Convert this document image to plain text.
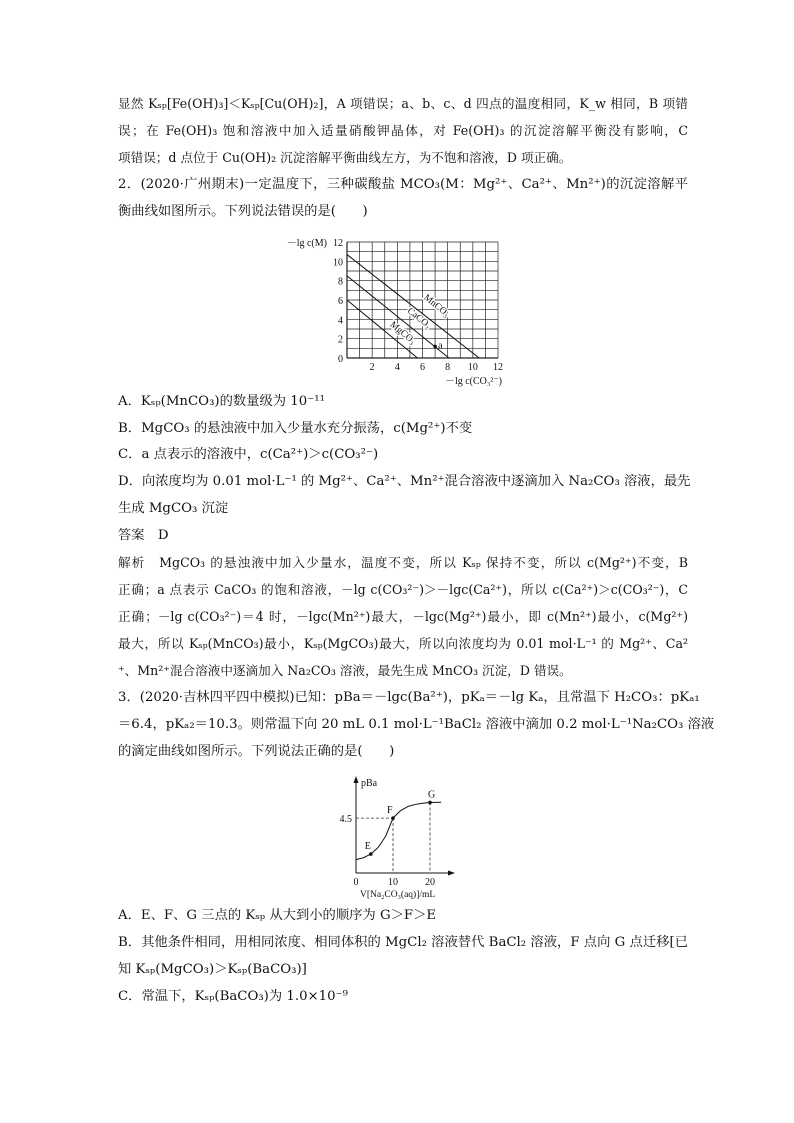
显然 Kₛₚ[Fe(OH)₃]＜Kₛₚ[Cu(OH)₂]，A 项错误；a、b、c、d 四点的温度相同，K_w 相同，B 项错
误；在 Fe(OH)₃ 饱和溶液中加入适量硝酸钾晶体，对 Fe(OH)₃ 的沉淀溶解平衡没有影响，C
项错误；d 点位于 Cu(OH)₂ 沉淀溶解平衡曲线左方，为不饱和溶液，D 项正确。
2．(2020·广州期末)一定温度下，三种碳酸盐 MCO₃(M：Mg²⁺、Ca²⁺、Mn²⁺)的沉淀溶解平
衡曲线如图所示。下列说法错误的是(　　)
2 4 6 8 10 12
0
2
4
6
8
10
12
－lg c(M)
－lg c(CO₃²⁻)
MgCO₃
CaCO₃
MnCO₃
a
A．Kₛₚ(MnCO₃)的数量级为 10⁻¹¹
B．MgCO₃ 的悬浊液中加入少量水充分振荡，c(Mg²⁺)不变
C．a 点表示的溶液中，c(Ca²⁺)＞c(CO₃²⁻)
D．向浓度均为 0.01 mol·L⁻¹ 的 Mg²⁺、Ca²⁺、Mn²⁺混合溶液中逐滴加入 Na₂CO₃ 溶液，最先
生成 MgCO₃ 沉淀
答案　D
解析　MgCO₃ 的悬浊液中加入少量水，温度不变，所以 Kₛₚ 保持不变，所以 c(Mg²⁺)不变，B
正确；a 点表示 CaCO₃ 的饱和溶液，－lg c(CO₃²⁻)＞－lgc(Ca²⁺)，所以 c(Ca²⁺)＞c(CO₃²⁻)，C
正确；－lg c(CO₃²⁻)＝4 时，－lgc(Mn²⁺)最大，－lgc(Mg²⁺)最小，即 c(Mn²⁺)最小，c(Mg²⁺)
最大，所以 Kₛₚ(MnCO₃)最小，Kₛₚ(MgCO₃)最大，所以向浓度均为 0.01 mol·L⁻¹ 的 Mg²⁺、Ca²
⁺、Mn²⁺混合溶液中逐滴加入 Na₂CO₃ 溶液，最先生成 MnCO₃ 沉淀，D 错误。
3．(2020·吉林四平四中模拟)已知：pBa＝－lgc(Ba²⁺)，pKₐ＝－lg Kₐ，且常温下 H₂CO₃：pKₐ₁
＝6.4，pKₐ₂＝10.3。则常温下向 20 mL 0.1 mol·L⁻¹BaCl₂ 溶液中滴加 0.2 mol·L⁻¹Na₂CO₃ 溶液
的滴定曲线如图所示。下列说法正确的是(　　)
pBa
V[Na₂CO₃(aq)]/mL
0	10	20
4.5
E
F
G
A．E、F、G 三点的 Kₛₚ 从大到小的顺序为 G＞F＞E
B．其他条件相同，用相同浓度、相同体积的 MgCl₂ 溶液替代 BaCl₂ 溶液，F 点向 G 点迁移[已
知 Kₛₚ(MgCO₃)＞Kₛₚ(BaCO₃)]
C．常温下，Kₛₚ(BaCO₃)为 1.0×10⁻⁹
